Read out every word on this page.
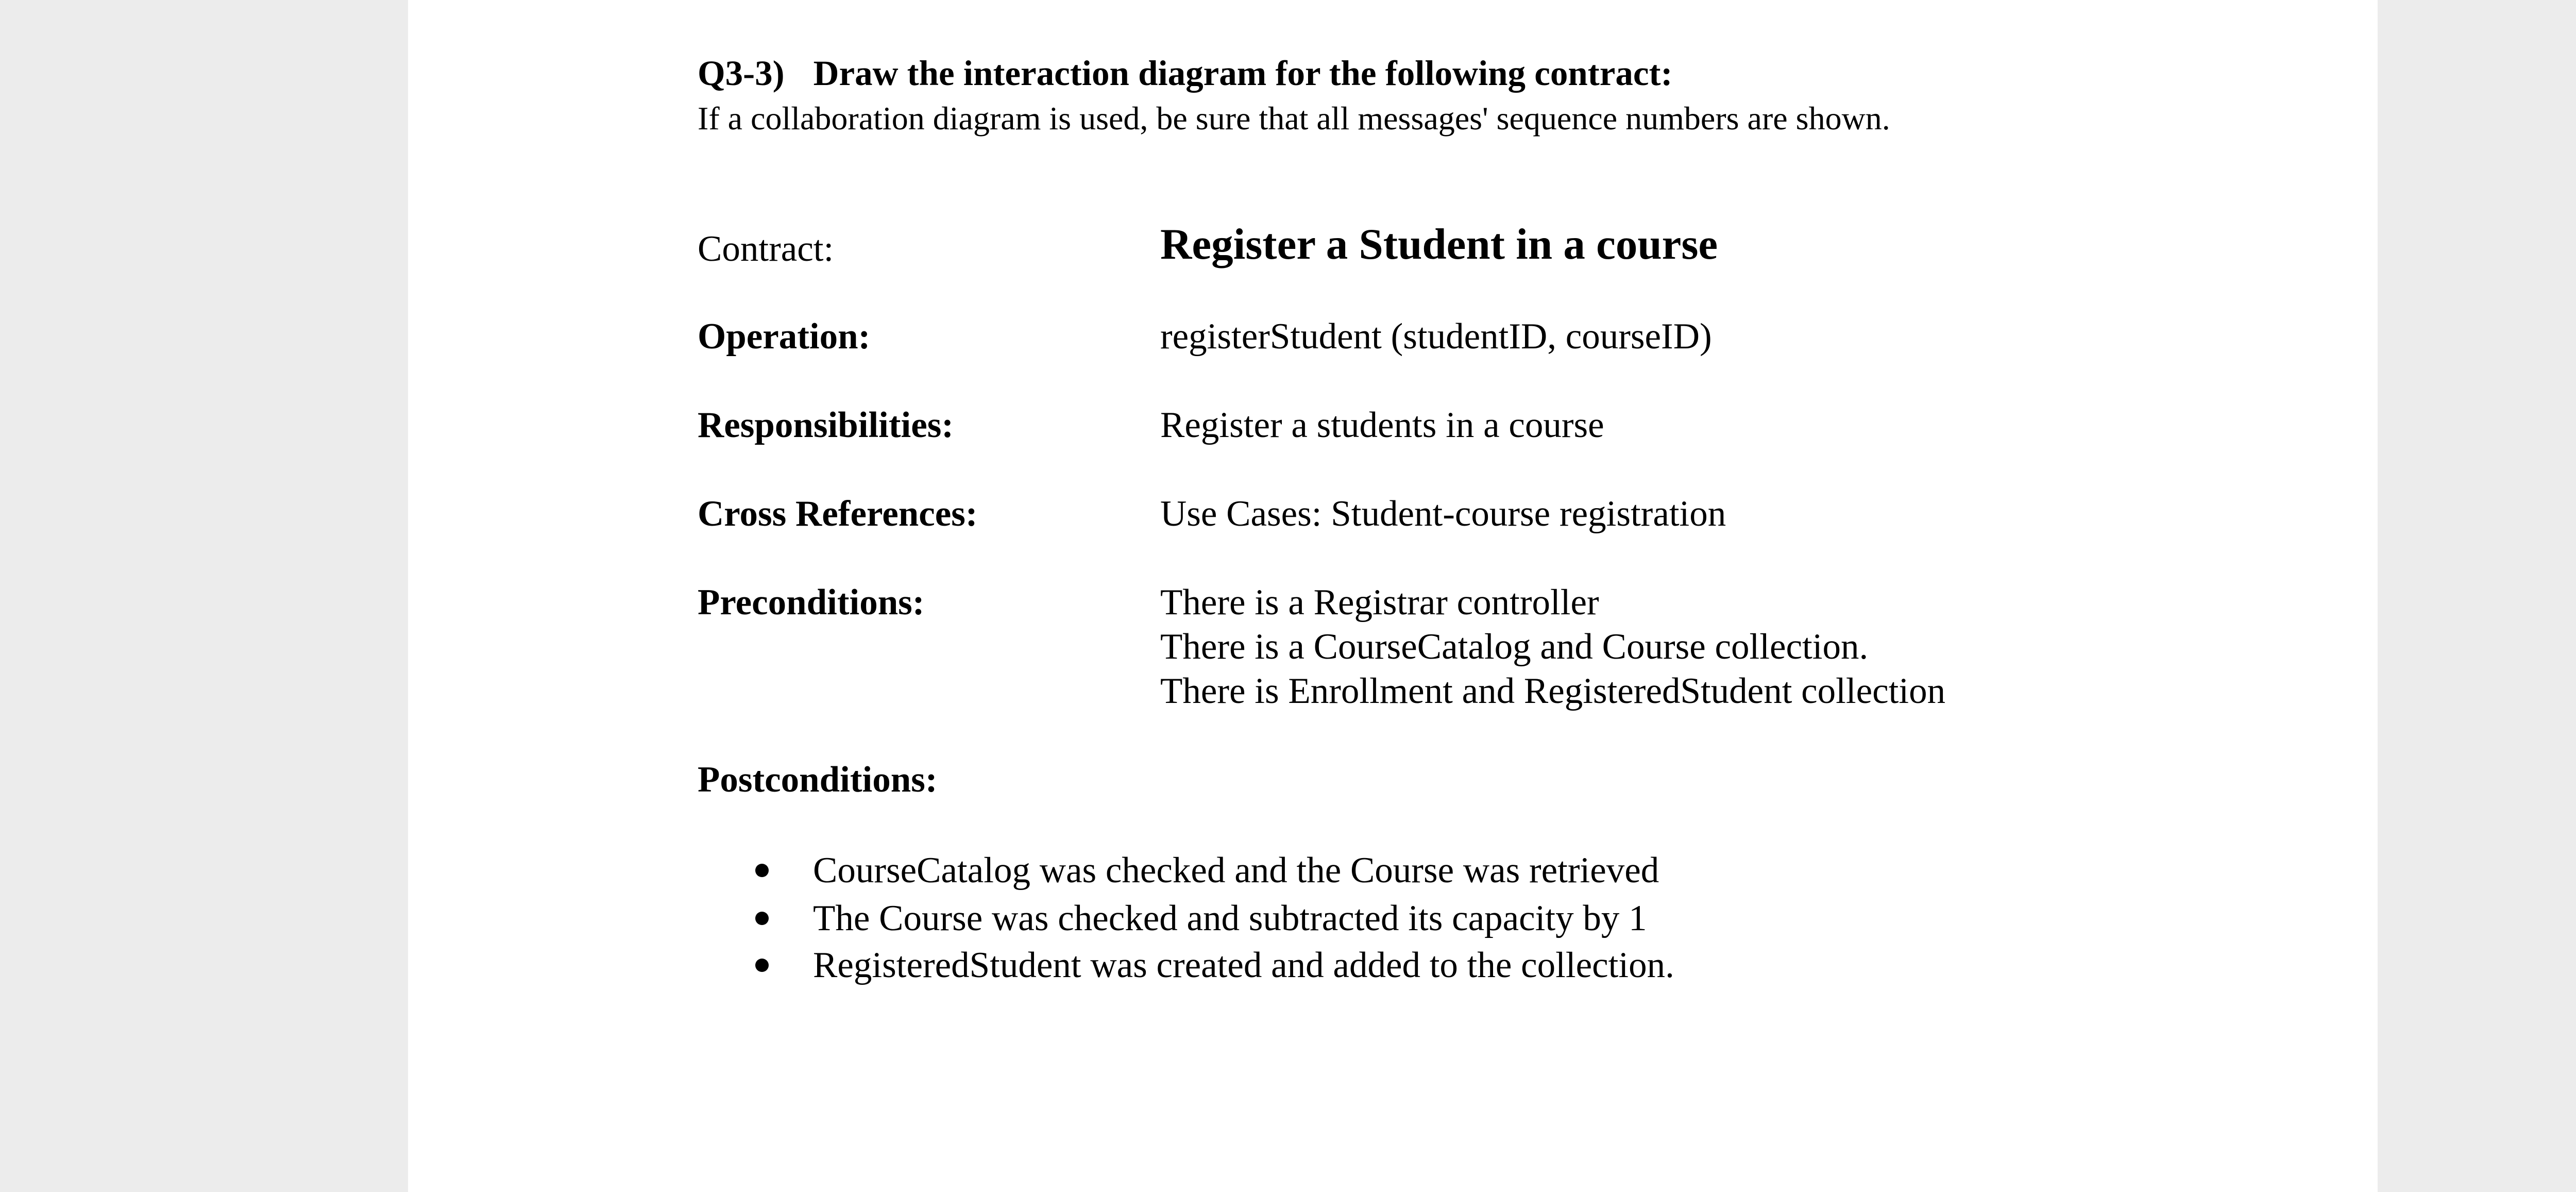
Q3-3) Draw the interaction diagram for the following contract:
If a collaboration diagram is used, be sure that all messages' sequence numbers are shown.
Contract:	Register a Student in a course
Operation:	registerStudent (studentID, courseID)
Responsibilities:	Register a students in a course
Cross References:	Use Cases: Student-course registration
Preconditions:	There is a Registrar controller
There is a CourseCatalog and Course collection.
There is Enrollment and RegisteredStudent collection
Postconditions:
CourseCatalog was checked and the Course was retrieved
The Course was checked and subtracted its capacity by 1
RegisteredStudent was created and added to the collection.
